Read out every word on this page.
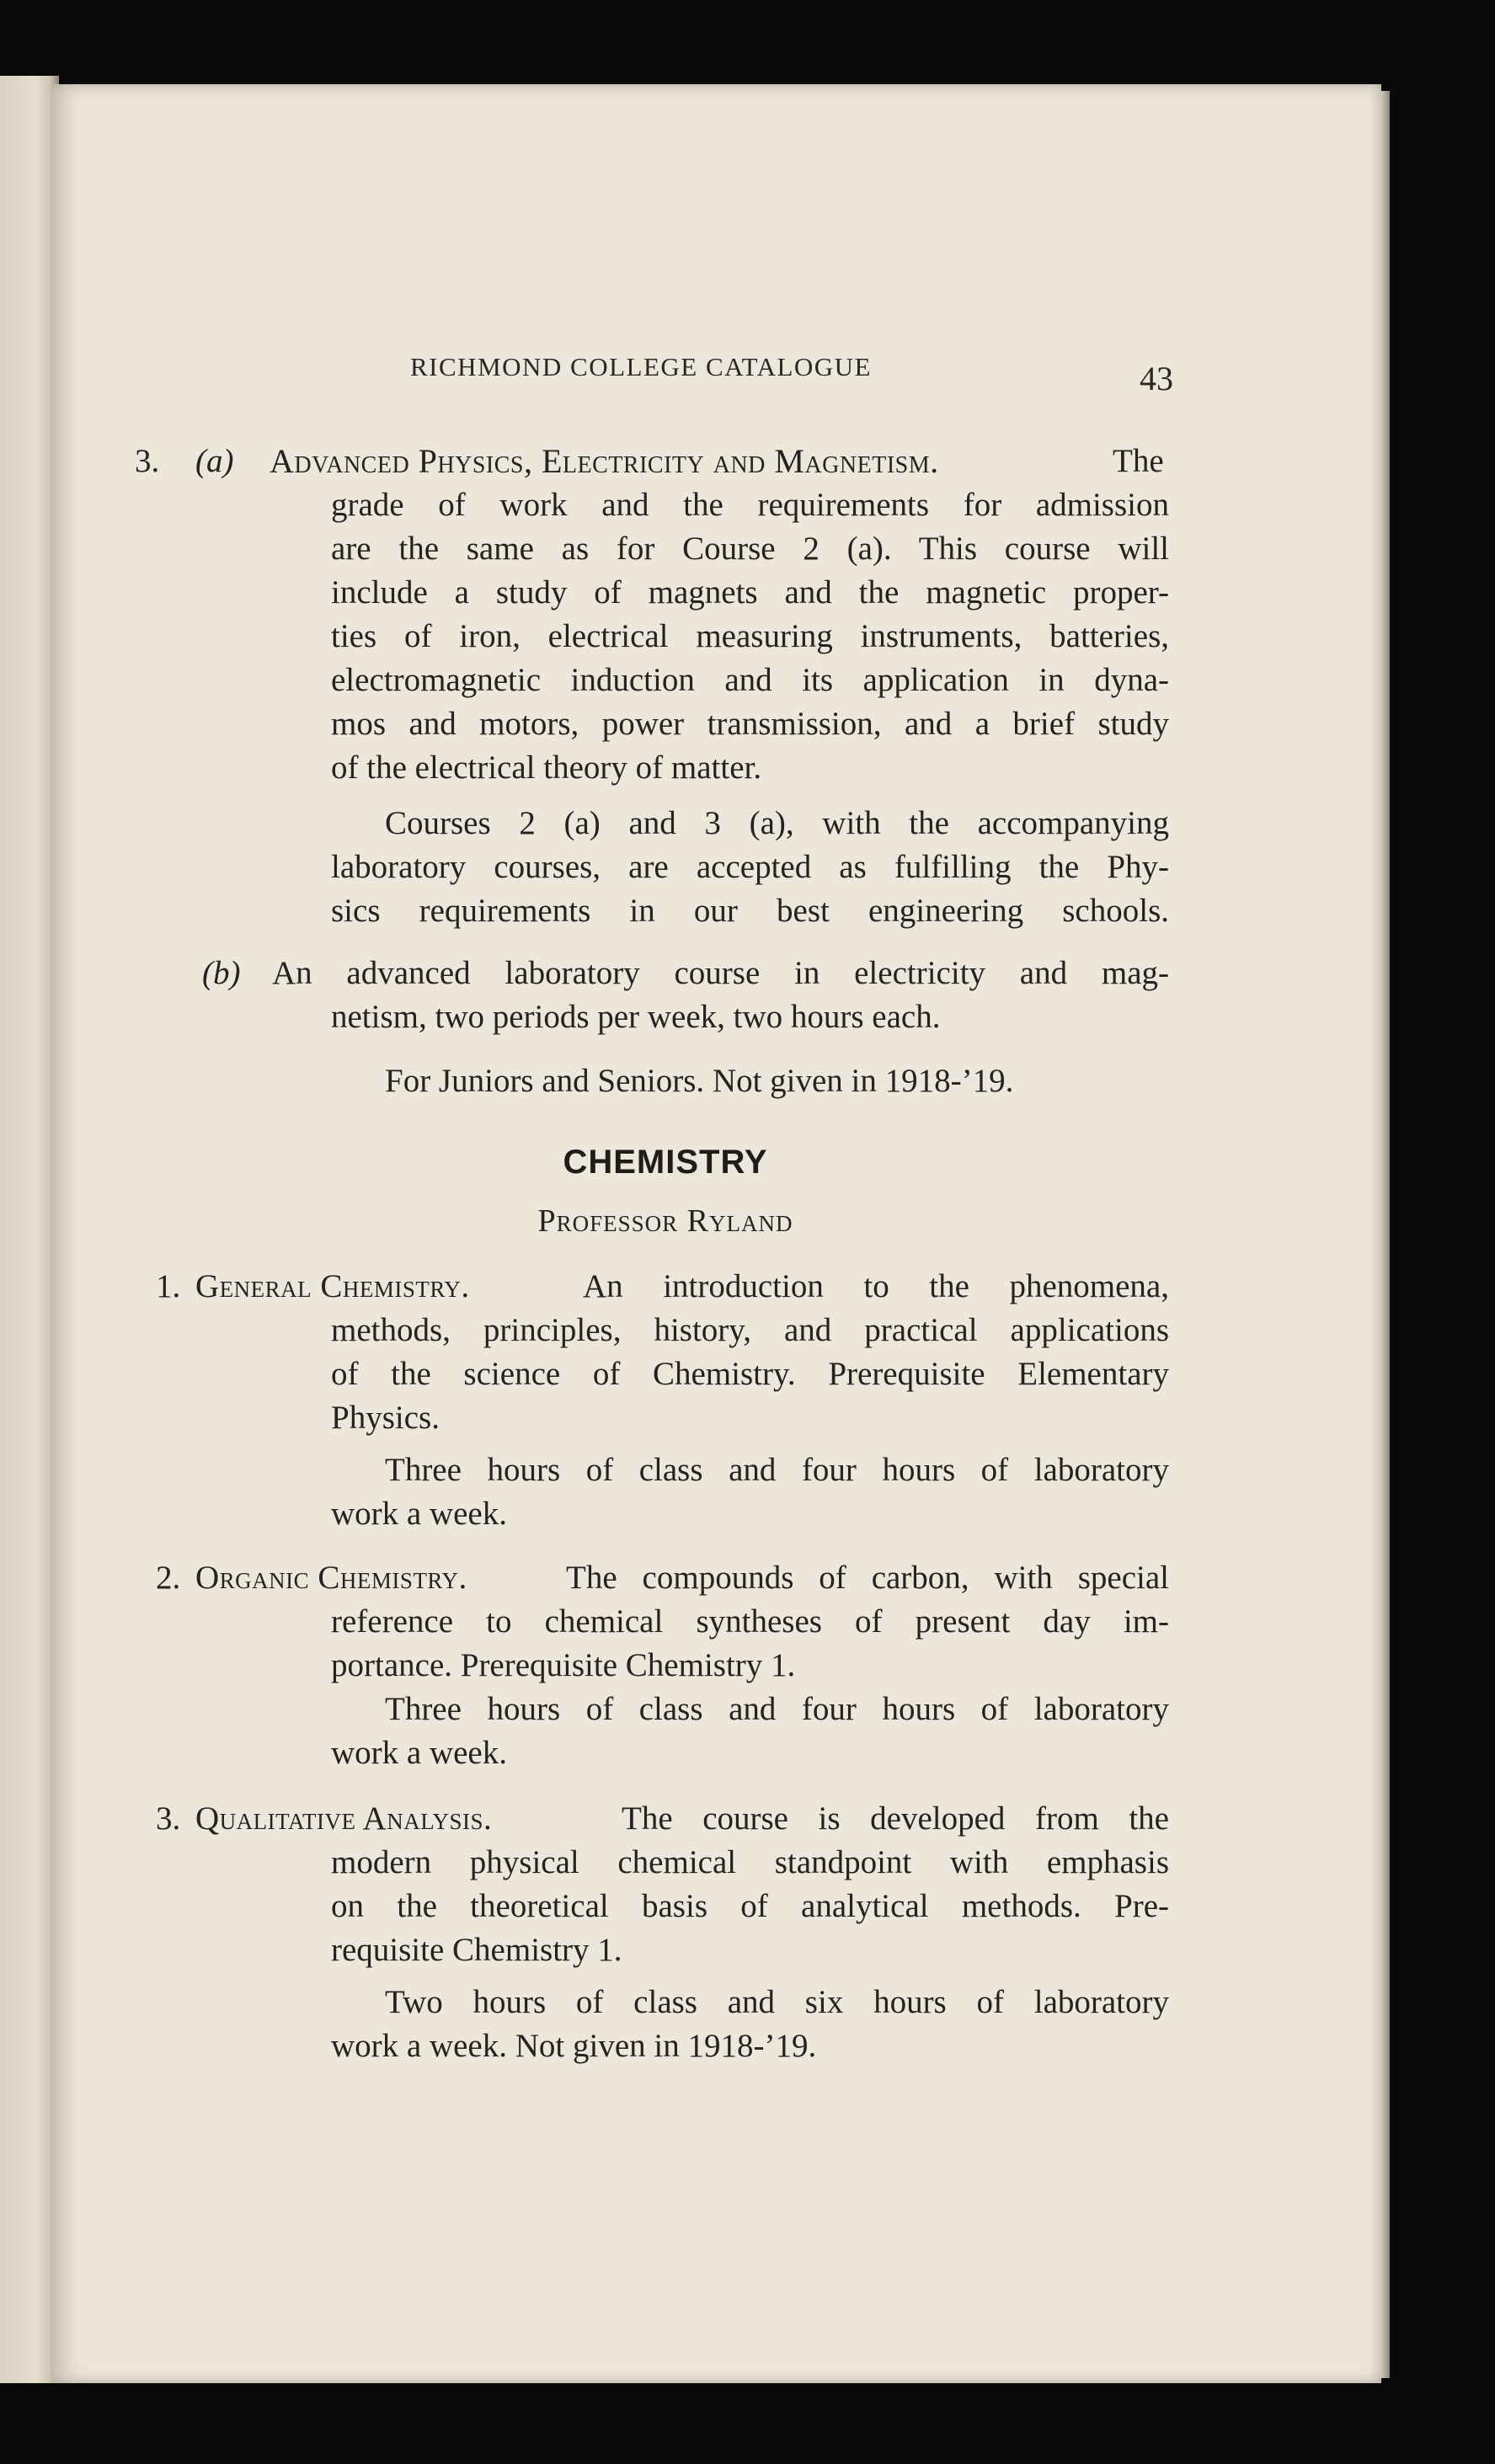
RICHMOND COLLEGE CATALOGUE	43
3. (a) Advanced Physics, Electricity and Magnetism.	The
grade of work and the requirements for admission
are the same as for Course 2 (a). This course will
include a study of magnets and the magnetic proper-
ties of iron, electrical measuring instruments, batteries,
electromagnetic induction and its application in dyna-
mos and motors, power transmission, and a brief study
of the electrical theory of matter.
Courses 2 (a) and 3 (a), with the accompanying
laboratory courses, are accepted as fulfilling the Phy-
sics requirements in our best engineering schools.
(b) An advanced laboratory course in electricity and mag-
netism, two periods per week, two hours each.
For Juniors and Seniors. Not given in 1918-’19.
CHEMISTRY
Professor Ryland
1. General Chemistry.	An introduction to the phenomena,
methods, principles, history, and practical applications
of the science of Chemistry. Prerequisite Elementary
Physics.
Three hours of class and four hours of laboratory
work a week.
2. Organic Chemistry.	The compounds of carbon, with special
reference to chemical syntheses of present day im-
portance. Prerequisite Chemistry 1.
Three hours of class and four hours of laboratory
work a week.
3. Qualitative Analysis.	The course is developed from the
modern physical chemical standpoint with emphasis
on the theoretical basis of analytical methods. Pre-
requisite Chemistry 1.
Two hours of class and six hours of laboratory
work a week. Not given in 1918-’19.
